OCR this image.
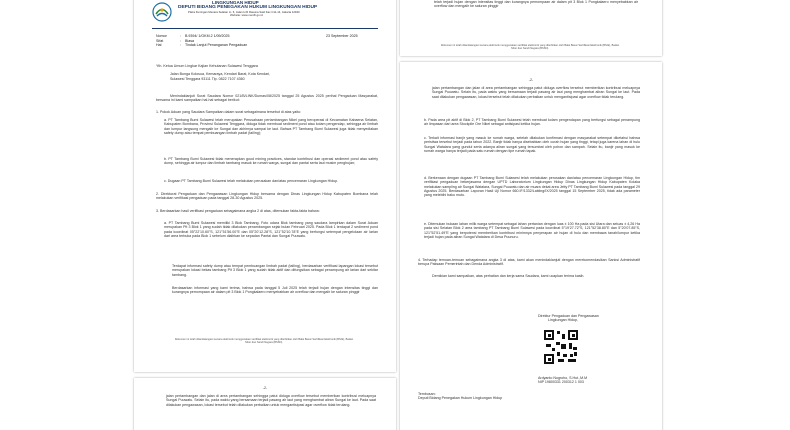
LINGKUNGAN HIDUP
DEPUTI BIDANG PENEGAKAN HUKUM LINGKUNGAN HIDUP
Plaza Kuningan Menara Selatan Lt. 6, Jalan H.R Rasuna Said Kav C11-14, Jakarta 12940
Website: www.menlh.go.id
Nomor	:	B.9394/ 1/GKM.2 1/09/2025	23 September 2025
Sifat	:	Biasa
Hal	:	Tindak Lanjut Penanganan Pengaduan
Yth. Ketua Umum Lingkar Kajian Kehutanan Sulawesi Tenggara
Jalan Bunga Kolosua, Kemaraya, Kendari Barat, Kota Kendari,
Sulawesi Tenggara 93111 Tlp. 0822 7107 4360
Menindaklanjuti Surat Saudara Nomor 021/B/LINK/Dumas/08/2025 tanggal 25 Agustus 2025 perihal Pengaduan Masyarakat, bersama ini kami sampaikan hal-hal sebagai berikut:
1. Pokok Aduan yang Saudara Sampaikan dalam surat sebagaimana tersebut di atas yaitu:
a. PT Tambang Bumi Sulawesi telah merupakan Perusahaan pertambangan Nikel yang beroperasi di Kecamatan Kabaena Selatan, Kabupaten Bombana, Provinsi Sulawesi Tenggara, diduga tidak membuat sediment pond atau kolam pengendap, sehingga air limbah dan lumpur langsung mengalir ke Sungai dan akhirnya sampai ke laut. Bahwa PT Tambang Bumi Sulawesi juga tidak menyediakan safety dump atau tempat pembuangan limbah padat (tailing);
b. PT Tambang Bumi Sulawesi tidak menerapkan good mining practices, standar kontribusi dan operasi sediment pond atau safety dump, sehingga air lumpur dan limbah tambang masuk ke rumah warga, sungai dan pantai serta laut musim penghujan;
c. Dugaan PT Tambang Bumi Sulawesi telah melakukan perusakan dan/atau pencemaran Lingkungan Hidup.
2. Direktorat Pengaduan dan Pengawasan Lingkungan Hidup bersama dengan Dinas Lingkungan Hidup Kabupaten Bombana telah melakukan verifikasi pengaduan pada tanggal 28-30 Agustus 2025.
3. Berdasarkan hasil verifikasi pengaduan sebagaimana angka 2 di atas, ditemukan fakta-fakta bahwa:
a. PT Tambang Bumi Sulawesi memiliki 3 Blok Tambang. Foto udara Blok tambang yang saudara lampirkan dalam Surat Aduan merupakan Pit 3 Blok 1 yang sudah tidak dilakukan penambangan sejak bulan Februari 2025. Pada Blok 1 terdapat 2 sediment pond pada koordinat 05°22'10.60"S, 121°51'56.00"E dan 05°20'12.28"S, 121°52'10.78"E yang berfungsi setempat pengelolaan air larian dari area terbuka pada Blok 1 sebelum dialirkan ke sepadan Pantai dan Sungai Puuwatu.
Terdapat informasi safety dump atau tempat pembuangan limbah padat (tailing), berdasarkan verifikasi lapangan lokasi tersebut merupakan lokasi bekas tambang Pit 3 Blok 1 yang sudah tidak aktif dan difungsikan sebagai penampung air larian dari sekitar tambang.
Berdasarkan informasi yang kami terima, bahwa pada tanggal 5 Juli 2025 telah terjadi hujan dengan intensitas tinggi dan kurangnya pemompaan air dalam pit 3 Blok 1 Pongkalaero menyebabkan air overflow dan mengalir ke saluran pinggir
Dokumen ini telah ditandatangani secara elektronik menggunakan sertifikat elektronik yang diterbitkan oleh Balai Besar Sertifikasi Elektronik (BSrE), Badan Siber dan Sandi Negara (BSSN).
telah terjadi hujan dengan intensitas tinggi dan kurangnya pemompaan air dalam pit 3 Blok 1 Pongkalaero menyebabkan air overflow dan mengalir ke saluran pinggir
Dokumen ini telah ditandatangani secara elektronik menggunakan sertifikat elektronik yang diterbitkan oleh Balai Besar Sertifikasi Elektronik (BSrE), Badan Siber dan Sandi Negara (BSSN).
-2-
jalan pertambangan dan jalan di area pertambangan sehingga patut diduga overflow tersebut memberikan kontribusi meluapnya Sungai Puuwatu. Selain itu, pada waktu yang bersamaan terjadi pasang air laut yang menghambat aliran Sungai ke laut. Pada saat dilakukan pengawasan, lokasi tersebut telah dilakukan perbaikan untuk mengantisipasi agar overflow tidak terulang.
b. Pada area pit aktif di Blok 2, PT Tambang Bumi Sulawesi telah membuat kolam pengendapan yang berfungsi sebagai penampung air limpasan dari area Stockpile Ore Nikel sebagai antisipasi ketika hujan.
c. Terkait informasi banjir yang masuk ke rumah warga, setelah dilakukan konfirmasi dengan masyarakat setempat diketahui bahwa peristiwa tersebut terjadi pada tahun 2022. Banjir tidak hanya disebabkan oleh curah hujan yang tinggi, tetapi juga karena lahan di hulu Sungai Watalara yang gundul serta adanya aliran sungai yang tersumbat oleh pohon dan sampah. Selain itu, banjir yang masuk ke rumah warga hanya terjadi pada satu rumah dengan tipe rumah tapak.
d. Berkenaan dengan dugaan PT Tambang Bumi Sulawesi telah melakukan perusakan dan/atau pencemaran Lingkungan Hidup, tim verifikasi pengaduan bekerjasama dengan UPTD Laboratorium Lingkungan Hidup Dinas Lingkungan Hidup Kabupaten Kolaka melakukan sampling air Sungai Watalara, Sungai Puuwatu dan air muara dekat area Jetty PT Tambang Bumi Sulawesi pada tanggal 29 Agustus 2025. Berdasarkan Laporan Hasil Uji Nomor 660.IF/1332/Labling/IX/2025 tanggal 15 September 2025, tidak ada parameter yang melebihi baku mutu.
e. Ditemukan bukaan lahan milik warga setempat sebagai lahan pertanian dengan luas ± 100 Ha pada sisi Utara dan seluas ± 4,26 Ha pada sisi Selatan Blok 2 area tambang PT Tambang Bumi Sulawesi pada koordinat 5°19'27.72"S, 121°52'38.80"E dan 5°20'07.85"S, 121°52'51.49"E yang berpotensi memberikan kontribusi minimnya penyerapan air hujan di hulu dan membawa tanah/lumpur ketika terjadi hujan pada aliran Sungai Watalara di Desa Puunuru.
4. Terhadap temuan-temuan sebagaimana angka 3 di atas, kami akan menindaklanjuti dengan merekomendasikan Sanksi Administratif berupa Paksaan Pemerintah dan Denda Administratif.
Demikian kami sampaikan, atas perhatian dan kerja sama Saudara, kami ucapkan terima kasih.
Direktur Pengaduan dan Pengawasan
Lingkungan Hidup,
Ardyanto Nugroho, S.Hut.,M.M
NIP 19800331 200312 1 003
Tembusan:
Deputi Bidang Penegakan Hukum Lingkungan Hidup
-2-
jalan pertambangan dan jalan di area pertambangan sehingga patut diduga overflow tersebut memberikan kontribusi meluapnya Sungai Puuwatu. Selain itu, pada waktu yang bersamaan terjadi pasang air laut yang menghambat aliran Sungai ke laut. Pada saat dilakukan pengawasan, lokasi tersebut telah dilakukan perbaikan untuk mengantisipasi agar overflow tidak terulang.
